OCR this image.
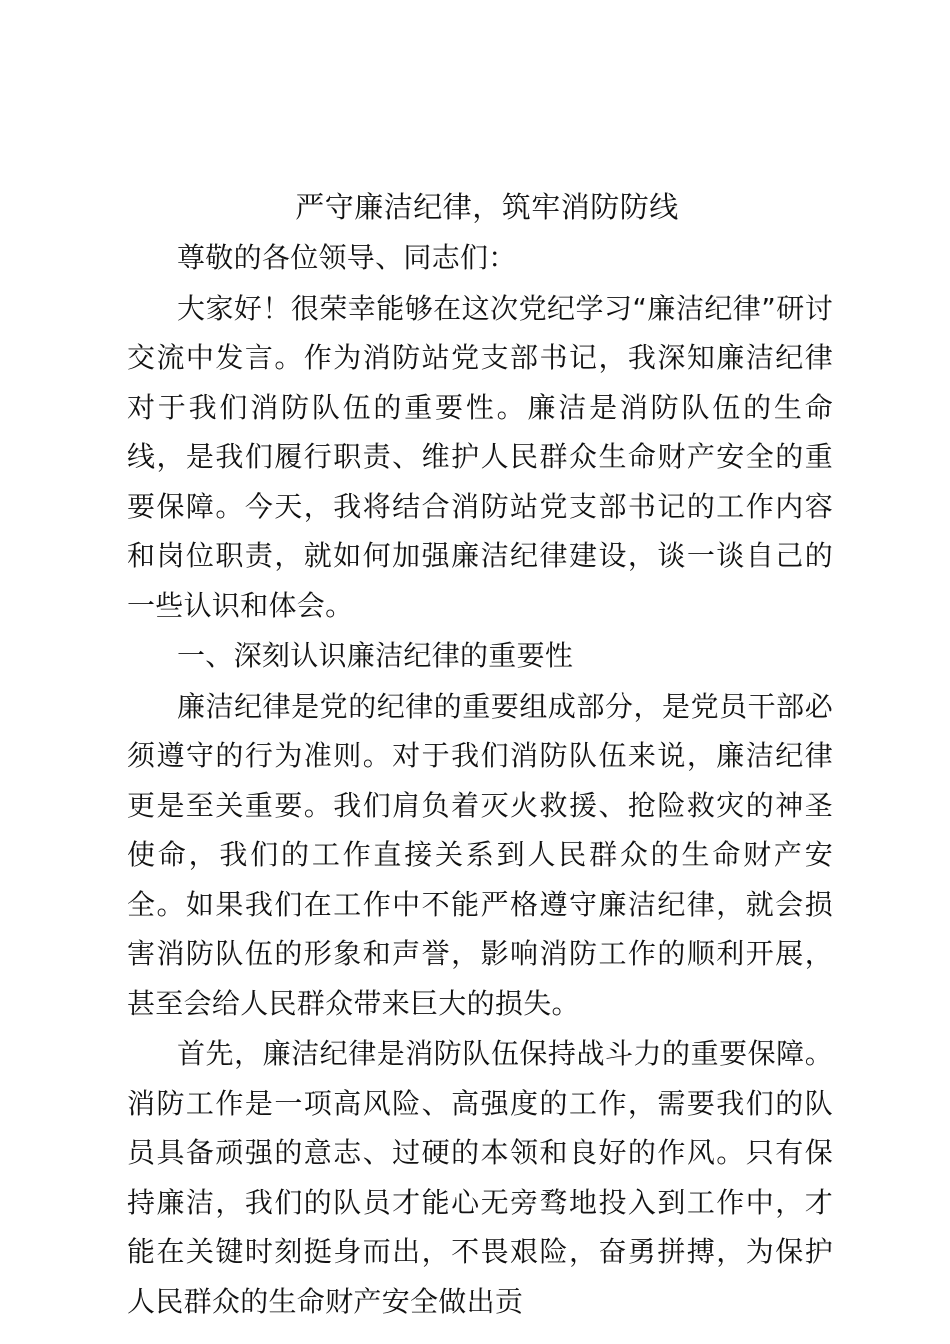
严守廉洁纪律，筑牢消防防线

尊敬的各位领导、同志们：

大家好！很荣幸能够在这次党纪学习“廉洁纪律”研讨交流中发言。作为消防站党支部书记，我深知廉洁纪律对于我们消防队伍的重要性。廉洁是消防队伍的生命线，是我们履行职责、维护人民群众生命财产安全的重要保障。今天，我将结合消防站党支部书记的工作内容和岗位职责，就如何加强廉洁纪律建设，谈一谈自己的一些认识和体会。

一、深刻认识廉洁纪律的重要性

廉洁纪律是党的纪律的重要组成部分，是党员干部必须遵守的行为准则。对于我们消防队伍来说，廉洁纪律更是至关重要。我们肩负着灭火救援、抢险救灾的神圣使命，我们的工作直接关系到人民群众的生命财产安全。如果我们在工作中不能严格遵守廉洁纪律，就会损害消防队伍的形象和声誉，影响消防工作的顺利开展，甚至会给人民群众带来巨大的损失。

首先，廉洁纪律是消防队伍保持战斗力的重要保障。消防工作是一项高风险、高强度的工作，需要我们的队员具备顽强的意志、过硬的本领和良好的作风。只有保持廉洁，我们的队员才能心无旁骛地投入到工作中，才能在关键时刻挺身而出，不畏艰险，奋勇拼搏，为保护人民群众的生命财产安全做出贡
